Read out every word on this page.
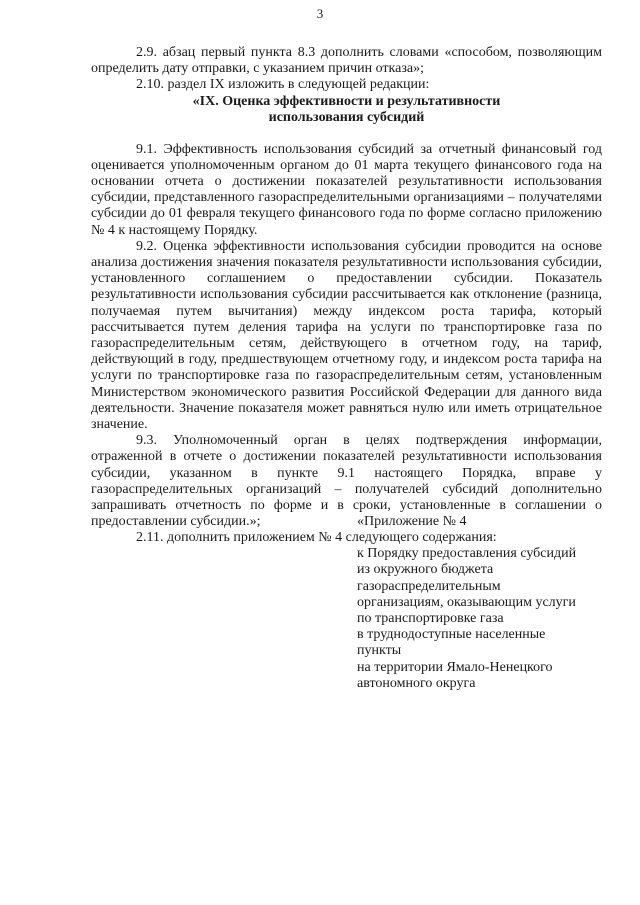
3

2.9. абзац первый пункта 8.3 дополнить словами «способом, позволяющим определить дату отправки, с указанием причин отказа»;

2.10. раздел IX изложить в следующей редакции:

«IX. Оценка эффективности и результативности

использования субсидий

9.1. Эффективность использования субсидий за отчетный финансовый год оценивается уполномоченным органом до 01 марта текущего финансового года на основании отчета о достижении показателей результативности использования субсидии, представленного газораспределительными организациями – получателями субсидии до 01 февраля текущего финансового года по форме согласно приложению № 4 к настоящему Порядку.

9.2. Оценка эффективности использования субсидии проводится на основе анализа достижения значения показателя результативности использования субсидии, установленного соглашением о предоставлении субсидии. Показатель результативности использования субсидии рассчитывается как отклонение (разница, получаемая путем вычитания) между индексом роста тарифа, который рассчитывается путем деления тарифа на услуги по транспортировке газа по газораспределительным сетям, действующего в отчетном году, на тариф, действующий в году, предшествующем отчетному году, и индексом роста тарифа на услуги по транспортировке газа по газораспределительным сетям, установленным Министерством экономического развития Российской Федерации для данного вида деятельности. Значение показателя может равняться нулю или иметь отрицательное значение.

9.3. Уполномоченный орган в целях подтверждения информации, отраженной в отчете о достижении показателей результативности использования субсидии, указанном в пункте 9.1 настоящего Порядка, вправе у газораспределительных организаций – получателей субсидий дополнительно запрашивать отчетность по форме и в сроки, установленные в соглашении о предоставлении субсидии.»;

2.11. дополнить приложением № 4 следующего содержания:

«Приложение № 4

к Порядку предоставления субсидий

из окружного бюджета

газораспределительным

организациям, оказывающим услуги

по транспортировке газа

в труднодоступные населенные

пункты

на территории Ямало-Ненецкого

автономного округа
